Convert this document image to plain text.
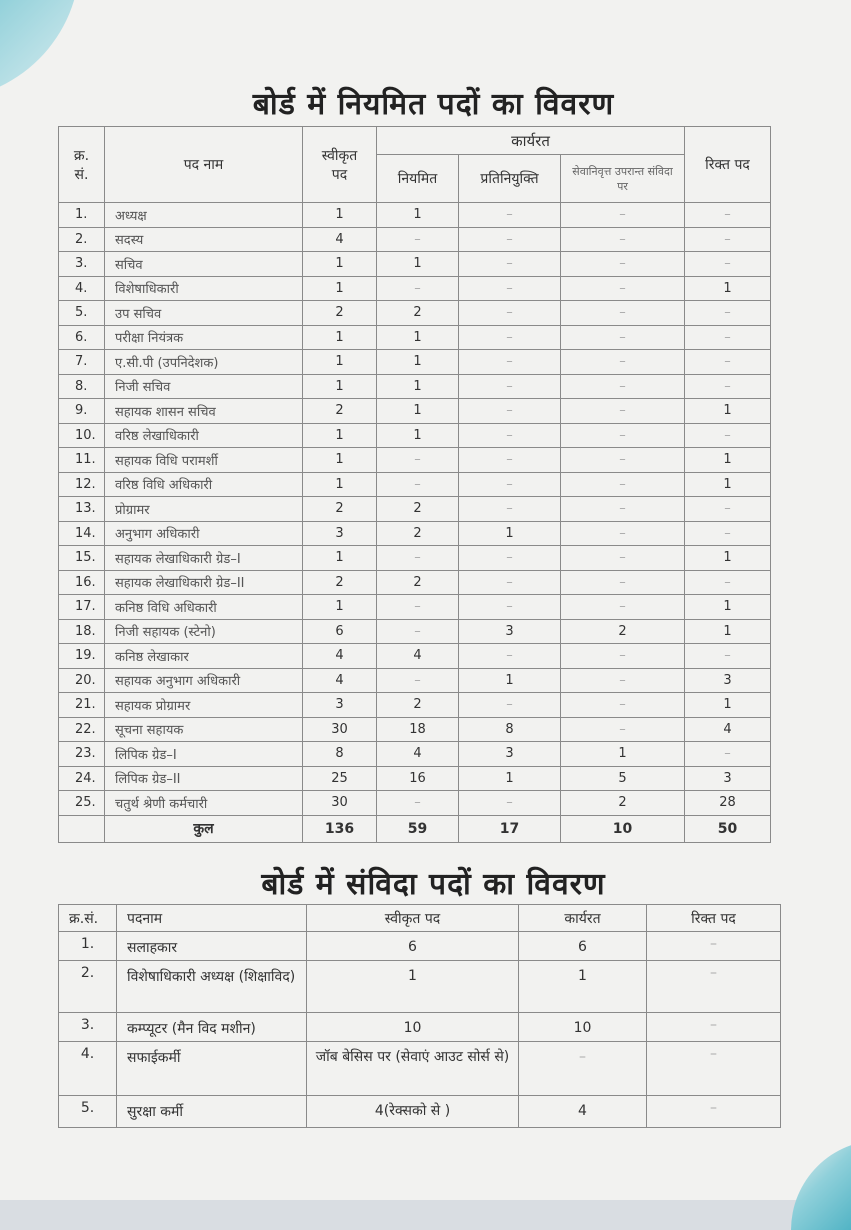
बोर्ड में नियमित पदों का विवरण
क्र. सं.	पद नाम	स्वीकृत पद	कार्यरत			रिक्त पद
			नियमित	प्रतिनियुक्ति	सेवानिवृत्त उपरान्त संविदा पर	
1.	अध्यक्ष	1	1	–	–	–
2.	सदस्य	4	–	–	–	–
3.	सचिव	1	1	–	–	–
4.	विशेषाधिकारी	1	–	–	–	1
5.	उप सचिव	2	2	–	–	–
6.	परीक्षा नियंत्रक	1	1	–	–	–
7.	ए.सी.पी (उपनिदेशक)	1	1	–	–	–
8.	निजी सचिव	1	1	–	–	–
9.	सहायक शासन सचिव	2	1	–	–	1
10.	वरिष्ठ लेखाधिकारी	1	1	–	–	–
11.	सहायक विधि परामर्शी	1	–	–	–	1
12.	वरिष्ठ विधि अधिकारी	1	–	–	–	1
13.	प्रोग्रामर	2	2	–	–	–
14.	अनुभाग अधिकारी	3	2	1	–	–
15.	सहायक लेखाधिकारी ग्रेड–I	1	–	–	–	1
16.	सहायक लेखाधिकारी ग्रेड–II	2	2	–	–	–
17.	कनिष्ठ विधि अधिकारी	1	–	–	–	1
18.	निजी सहायक (स्टेनो)	6	–	3	2	1
19.	कनिष्ठ लेखाकार	4	4	–	–	–
20.	सहायक अनुभाग अधिकारी	4	–	1	–	3
21.	सहायक प्रोग्रामर	3	2	–	–	1
22.	सूचना सहायक	30	18	8	–	4
23.	लिपिक ग्रेड–I	8	4	3	1	–
24.	लिपिक ग्रेड–II	25	16	1	5	3
25.	चतुर्थ श्रेणी कर्मचारी	30	–	–	2	28
	कुल	136	59	17	10	50
बोर्ड में संविदा पदों का विवरण
क्र.सं.	पदनाम	स्वीकृत पद	कार्यरत	रिक्त पद
1.	सलाहकार	6	6	–
2.	विशेषाधिकारी अध्यक्ष (शिक्षाविद)	1	1	–
3.	कम्प्यूटर (मैन विद मशीन)	10	10	–
4.	सफाईकर्मी	जॉब बेसिस पर (सेवाएं आउट सोर्स से)	–	–
5.	सुरक्षा कर्मी	4(रेक्सको से )	4	–
